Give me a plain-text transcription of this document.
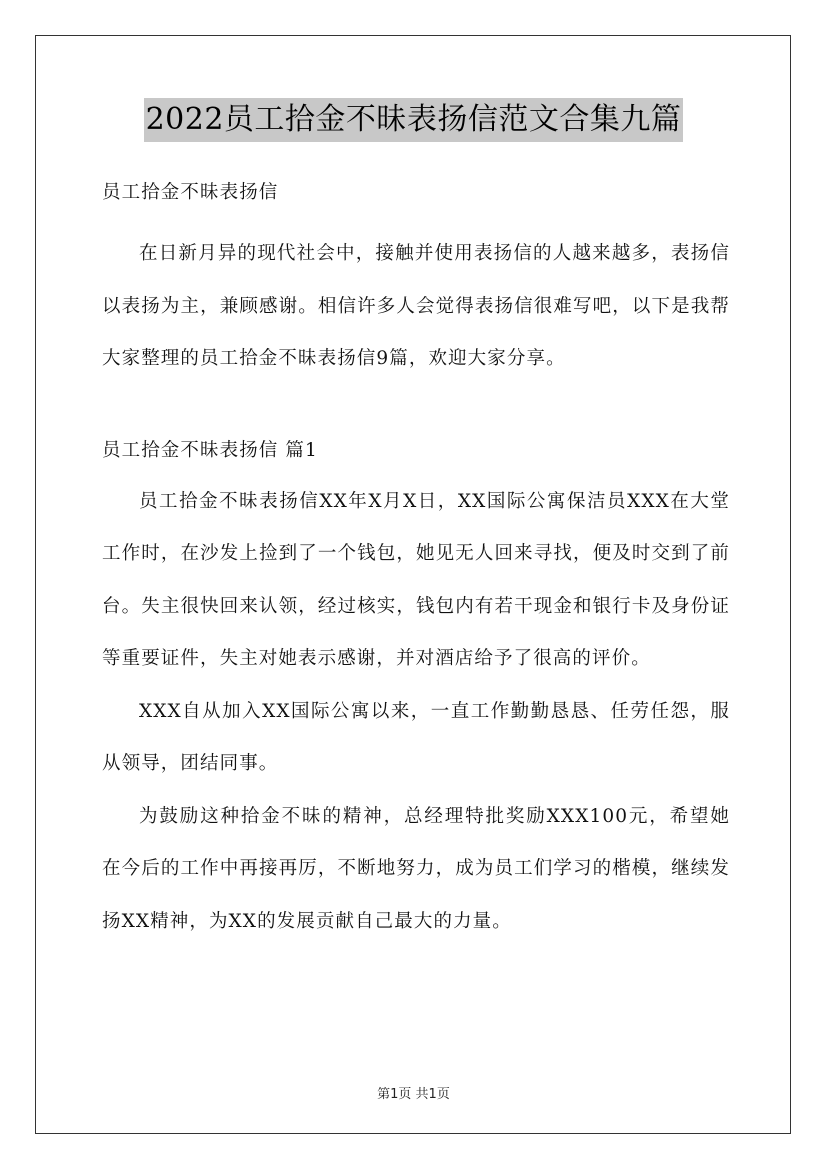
2022员工拾金不昧表扬信范文合集九篇

员工拾金不昧表扬信

在日新月异的现代社会中，接触并使用表扬信的人越来越多，表扬信以表扬为主，兼顾感谢。相信许多人会觉得表扬信很难写吧，以下是我帮大家整理的员工拾金不昧表扬信9篇，欢迎大家分享。

员工拾金不昧表扬信 篇1

员工拾金不昧表扬信XX年X月X日，XX国际公寓保洁员XXX在大堂工作时，在沙发上捡到了一个钱包，她见无人回来寻找，便及时交到了前台。失主很快回来认领，经过核实，钱包内有若干现金和银行卡及身份证等重要证件，失主对她表示感谢，并对酒店给予了很高的评价。

XXX自从加入XX国际公寓以来，一直工作勤勤恳恳、任劳任怨，服从领导，团结同事。

为鼓励这种拾金不昧的精神，总经理特批奖励XXX100元，希望她在今后的工作中再接再厉，不断地努力，成为员工们学习的楷模，继续发扬XX精神，为XX的发展贡献自己最大的力量。

第1页 共1页
